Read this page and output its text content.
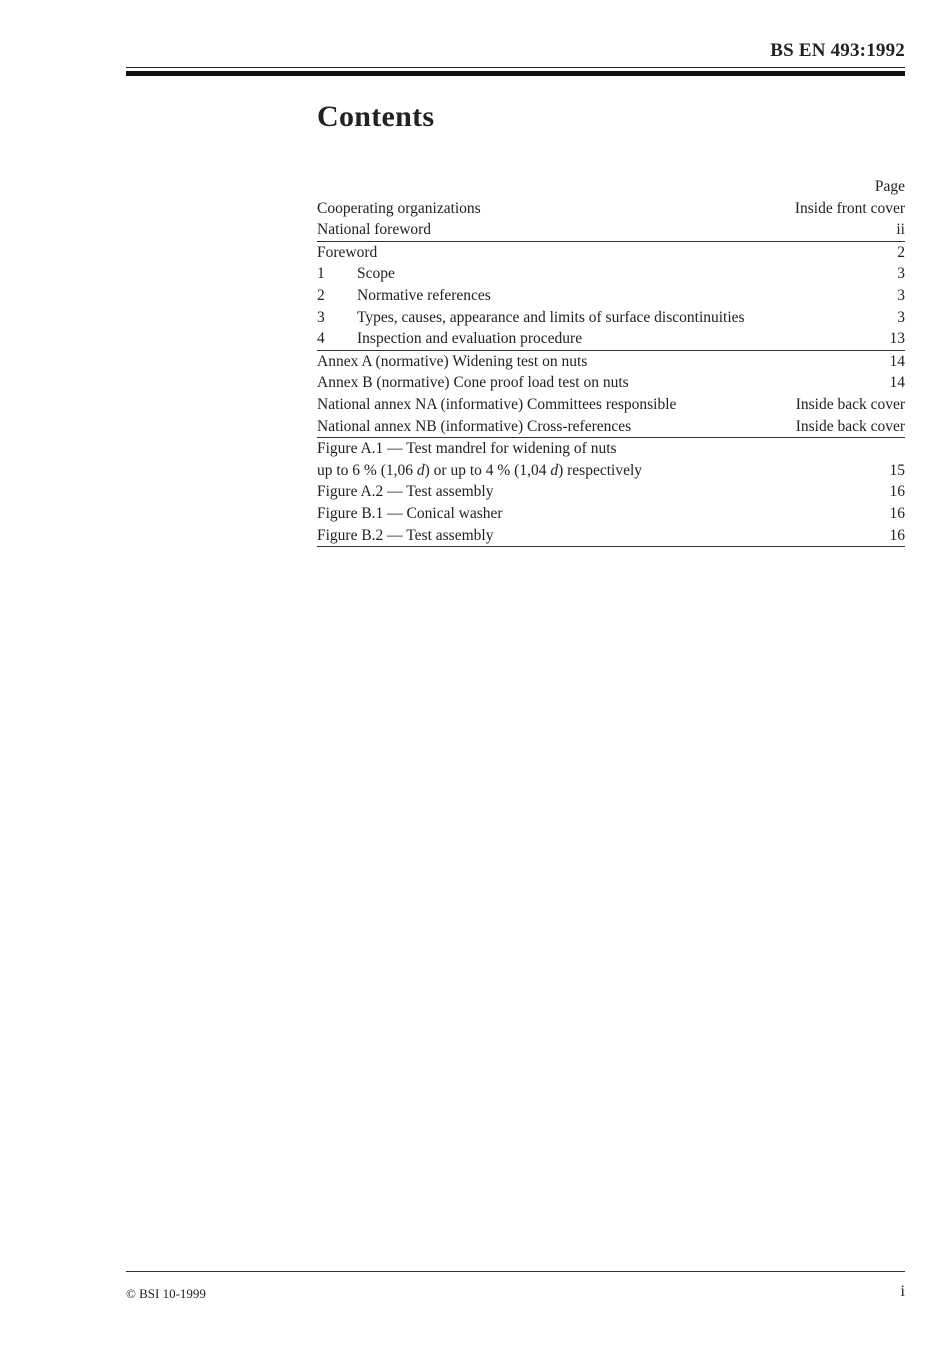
BS EN 493:1992
Contents
Page
Cooperating organizations	Inside front cover
National foreword	ii
Foreword	2
1	Scope	3
2	Normative references	3
3	Types, causes, appearance and limits of surface discontinuities	3
4	Inspection and evaluation procedure	13
Annex A (normative) Widening test on nuts	14
Annex B (normative) Cone proof load test on nuts	14
National annex NA (informative) Committees responsible	Inside back cover
National annex NB (informative) Cross-references	Inside back cover
Figure A.1 — Test mandrel for widening of nuts
up to 6 % (1,06 d) or up to 4 % (1,04 d) respectively	15
Figure A.2 — Test assembly	16
Figure B.1 — Conical washer	16
Figure B.2 — Test assembly	16
© BSI 10-1999	i
